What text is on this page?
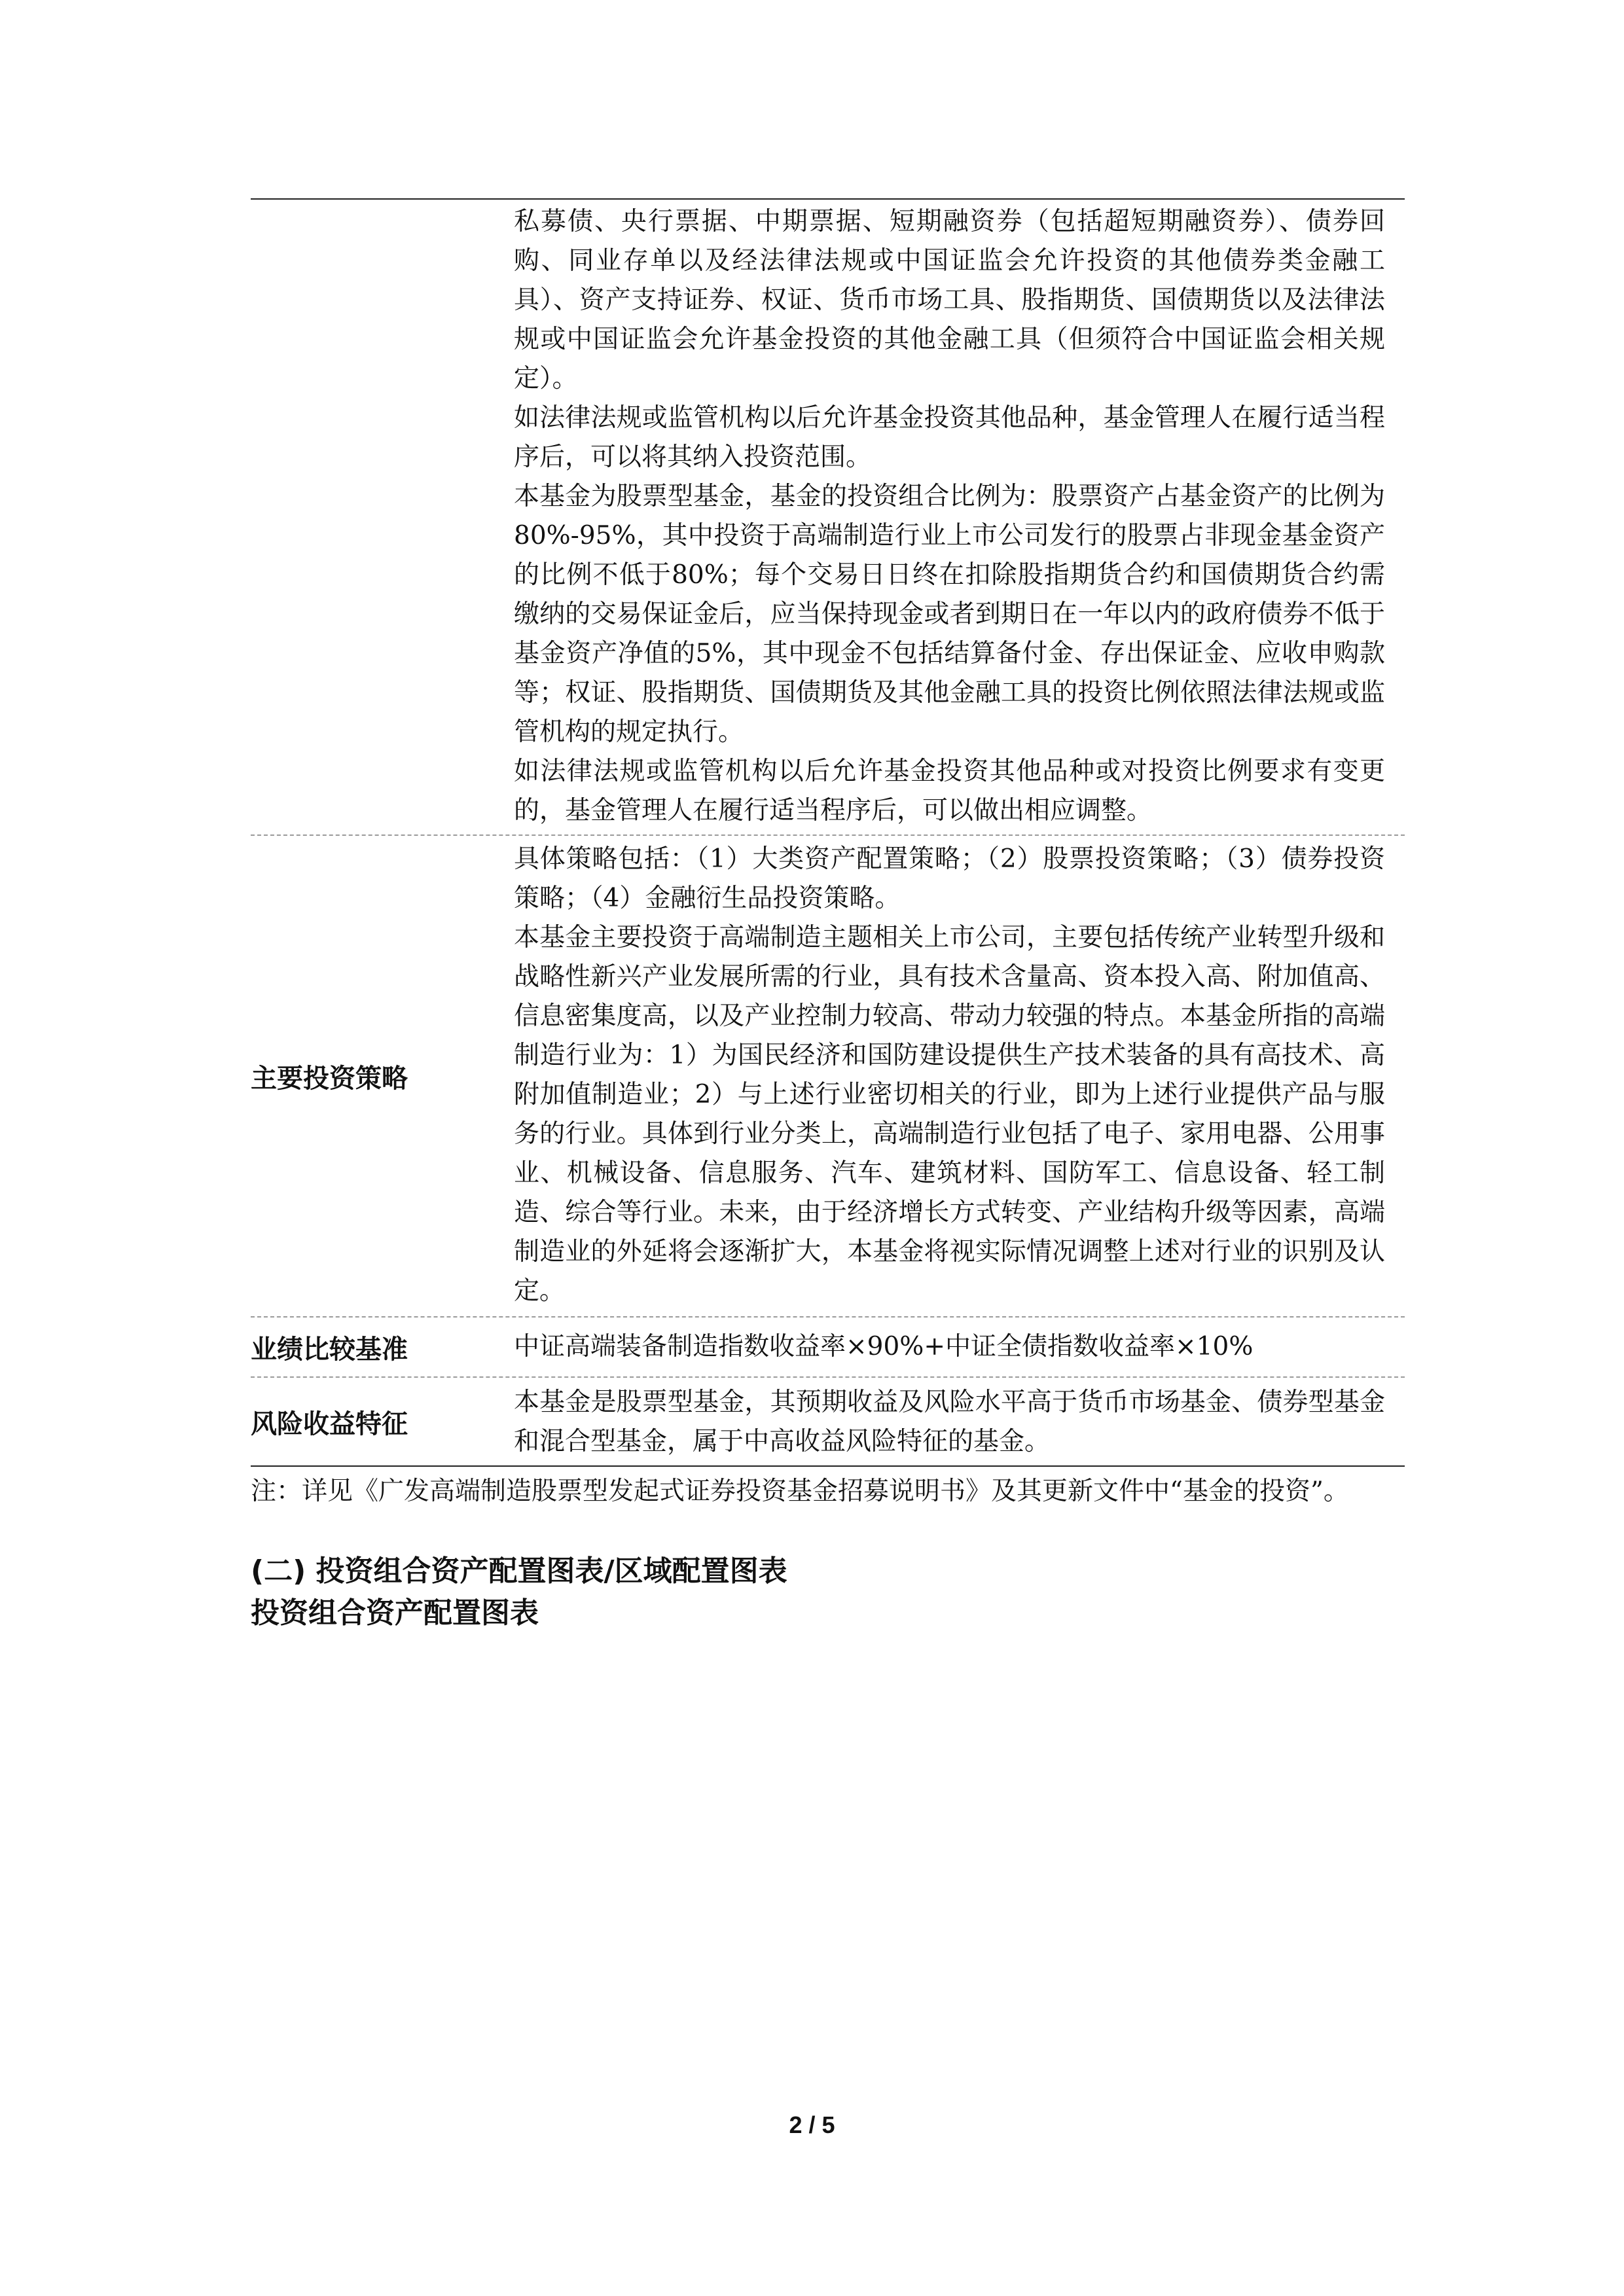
私募债、央行票据、中期票据、短期融资券（包括超短期融资券）、债券回购、同业存单以及经法律法规或中国证监会允许投资的其他债券类金融工具）、资产支持证券、权证、货币市场工具、股指期货、国债期货以及法律法规或中国证监会允许基金投资的其他金融工具（但须符合中国证监会相关规定）。

如法律法规或监管机构以后允许基金投资其他品种，基金管理人在履行适当程序后，可以将其纳入投资范围。

本基金为股票型基金，基金的投资组合比例为：股票资产占基金资产的比例为80%-95%，其中投资于高端制造行业上市公司发行的股票占非现金基金资产的比例不低于80%；每个交易日日终在扣除股指期货合约和国债期货合约需缴纳的交易保证金后，应当保持现金或者到期日在一年以内的政府债券不低于基金资产净值的5%，其中现金不包括结算备付金、存出保证金、应收申购款等；权证、股指期货、国债期货及其他金融工具的投资比例依照法律法规或监管机构的规定执行。

如法律法规或监管机构以后允许基金投资其他品种或对投资比例要求有变更的，基金管理人在履行适当程序后，可以做出相应调整。

主要投资策略

具体策略包括：（1）大类资产配置策略；（2）股票投资策略；（3）债券投资策略；（4）金融衍生品投资策略。

本基金主要投资于高端制造主题相关上市公司，主要包括传统产业转型升级和战略性新兴产业发展所需的行业，具有技术含量高、资本投入高、附加值高、信息密集度高，以及产业控制力较高、带动力较强的特点。本基金所指的高端制造行业为：1）为国民经济和国防建设提供生产技术装备的具有高技术、高附加值制造业；2）与上述行业密切相关的行业，即为上述行业提供产品与服务的行业。具体到行业分类上，高端制造行业包括了电子、家用电器、公用事业、机械设备、信息服务、汽车、建筑材料、国防军工、信息设备、轻工制造、综合等行业。未来，由于经济增长方式转变、产业结构升级等因素，高端制造业的外延将会逐渐扩大，本基金将视实际情况调整上述对行业的识别及认定。

业绩比较基准	中证高端装备制造指数收益率×90%+中证全债指数收益率×10%
风险收益特征
本基金是股票型基金，其预期收益及风险水平高于货币市场基金、债券型基金和混合型基金，属于中高收益风险特征的基金。
注：详见《广发高端制造股票型发起式证券投资基金招募说明书》及其更新文件中“基金的投资”。
(二) 投资组合资产配置图表/区域配置图表
投资组合资产配置图表
2 / 5
